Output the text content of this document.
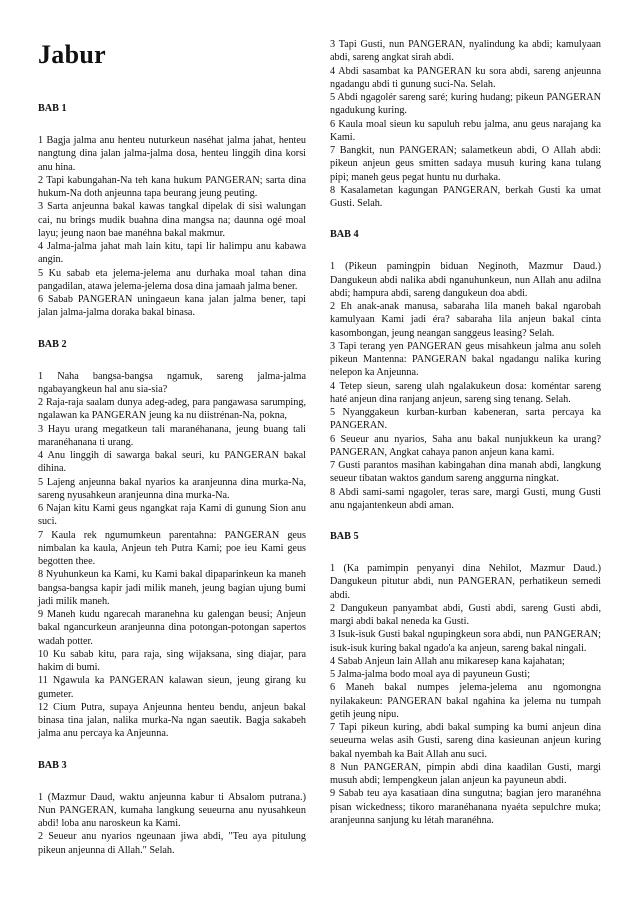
Jabur
BAB 1

1 Bagja jalma anu henteu nuturkeun naséhat jalma jahat, henteu nangtung dina jalan jalma-jalma dosa, henteu linggih dina korsi anu hina.

2 Tapi kabungahan-Na teh kana hukum PANGERAN; sarta dina hukum-Na doth anjeunna tapa beurang jeung peuting.

3 Sarta anjeunna bakal kawas tangkal dipelak di sisi walungan cai, nu brings mudik buahna dina mangsa na; daunna ogé moal layu; jeung naon bae manéhna bakal makmur.

4 Jalma-jalma jahat mah lain kitu, tapi lir halimpu anu kabawa angin.

5 Ku sabab eta jelema-jelema anu durhaka moal tahan dina pangadilan, atawa jelema-jelema dosa dina jamaah jalma bener.

6 Sabab PANGERAN uningaeun kana jalan jalma bener, tapi jalan jalma-jalma doraka bakal binasa.

BAB 2

1 Naha bangsa-bangsa ngamuk, sareng jalma-jalma ngabayangkeun hal anu sia-sia?

2 Raja-raja saalam dunya adeg-adeg, para pangawasa sarumping, ngalawan ka PANGERAN jeung ka nu diistrénan-Na, pokna,

3 Hayu urang megatkeun tali maranéhanana, jeung buang tali maranéhanana ti urang.

4 Anu linggih di sawarga bakal seuri, ku PANGERAN bakal dihina.

5 Lajeng anjeunna bakal nyarios ka aranjeunna dina murka-Na, sareng nyusahkeun aranjeunna dina murka-Na.

6 Najan kitu Kami geus ngangkat raja Kami di gunung Sion anu suci.

7 Kaula rek ngumumkeun parentahna: PANGERAN geus nimbalan ka kaula, Anjeun teh Putra Kami; poe ieu Kami geus begotten thee.

8 Nyuhunkeun ka Kami, ku Kami bakal dipaparinkeun ka maneh bangsa-bangsa kapir jadi milik maneh, jeung bagian ujung bumi jadi milik maneh.

9 Maneh kudu ngarecah maranehna ku galengan beusi; Anjeun bakal ngancurkeun aranjeunna dina potongan-potongan sapertos wadah potter.

10 Ku sabab kitu, para raja, sing wijaksana, sing diajar, para hakim di bumi.

11 Ngawula ka PANGERAN kalawan sieun, jeung girang ku gumeter.

12 Cium Putra, supaya Anjeunna henteu bendu, anjeun bakal binasa tina jalan, nalika murka-Na ngan saeutik. Bagja sakabeh jalma anu percaya ka Anjeunna.

BAB 3

1 (Mazmur Daud, waktu anjeunna kabur ti Absalom putrana.) Nun PANGERAN, kumaha langkung seueurna anu nyusahkeun abdi! loba anu naroskeun ka Kami.

2 Seueur anu nyarios ngeunaan jiwa abdi, "Teu aya pitulung pikeun anjeunna di Allah." Selah.

3 Tapi Gusti, nun PANGERAN, nyalindung ka abdi; kamulyaan abdi, sareng angkat sirah abdi.

4 Abdi sasambat ka PANGERAN ku sora abdi, sareng anjeunna ngadangu abdi ti gunung suci-Na. Selah.

5 Abdi ngagolér sareng saré; kuring hudang; pikeun PANGERAN ngadukung kuring.

6 Kaula moal sieun ku sapuluh rebu jalma, anu geus narajang ka Kami.

7 Bangkit, nun PANGERAN; salametkeun abdi, O Allah abdi: pikeun anjeun geus smitten sadaya musuh kuring kana tulang pipi; maneh geus pegat huntu nu durhaka.

8 Kasalametan kagungan PANGERAN, berkah Gusti ka umat Gusti. Selah.

BAB 4

1 (Pikeun pamingpin biduan Neginoth, Mazmur Daud.) Dangukeun abdi nalika abdi nganuhunkeun, nun Allah anu adilna abdi; hampura abdi, sareng dangukeun doa abdi.

2 Eh anak-anak manusa, sabaraha lila maneh bakal ngarobah kamulyaan Kami jadi éra? sabaraha lila anjeun bakal cinta kasombongan, jeung neangan sanggeus leasing? Selah.

3 Tapi terang yen PANGERAN geus misahkeun jalma anu soleh pikeun Mantenna: PANGERAN bakal ngadangu nalika kuring nelepon ka Anjeunna.

4 Tetep sieun, sareng ulah ngalakukeun dosa: koméntar sareng haté anjeun dina ranjang anjeun, sareng sing tenang. Selah.

5 Nyanggakeun kurban-kurban kabeneran, sarta percaya ka PANGERAN.

6 Seueur anu nyarios, Saha anu bakal nunjukkeun ka urang? PANGERAN, Angkat cahaya panon anjeun kana kami.

7 Gusti parantos masihan kabingahan dina manah abdi, langkung seueur tibatan waktos gandum sareng anggurna ningkat.

8 Abdi sami-sami ngagoler, teras sare, margi Gusti, mung Gusti anu ngajantenkeun abdi aman.

BAB 5

1 (Ka pamimpin penyanyi dina Nehilot, Mazmur Daud.) Dangukeun pitutur abdi, nun PANGERAN, perhatikeun semedi abdi.

2 Dangukeun panyambat abdi, Gusti abdi, sareng Gusti abdi, margi abdi bakal neneda ka Gusti.

3 Isuk-isuk Gusti bakal ngupingkeun sora abdi, nun PANGERAN; isuk-isuk kuring bakal ngado'a ka anjeun, sareng bakal ningali.

4 Sabab Anjeun lain Allah anu mikaresep kana kajahatan;

5 Jalma-jalma bodo moal aya di payuneun Gusti;

6 Maneh bakal numpes jelema-jelema anu ngomongna nyilakakeun: PANGERAN bakal ngahina ka jelema nu tumpah getih jeung nipu.

7 Tapi pikeun kuring, abdi bakal sumping ka bumi anjeun dina seueurna welas asih Gusti, sareng dina kasieunan anjeun kuring bakal nyembah ka Bait Allah anu suci.

8 Nun PANGERAN, pimpin abdi dina kaadilan Gusti, margi musuh abdi; lempengkeun jalan anjeun ka payuneun abdi.

9 Sabab teu aya kasatiaan dina sungutna; bagian jero maranéhna pisan wickedness; tikoro maranéhanana nyaéta sepulchre muka; aranjeunna sanjung ku létah maranéhna.
